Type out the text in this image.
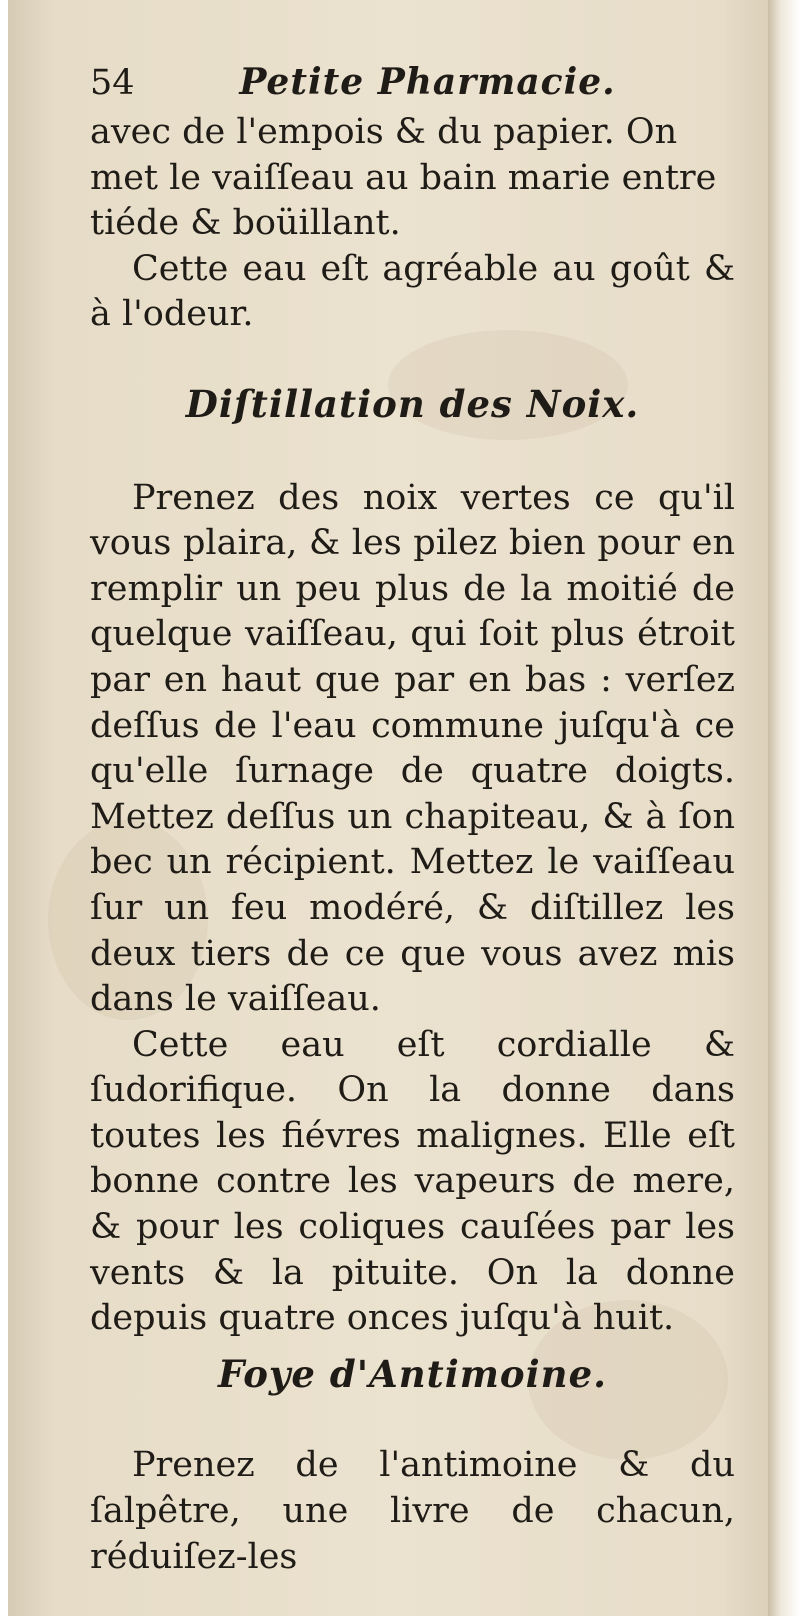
54	Petite Pharmacie.
avec de l'empois & du papier. On
met le vaiſſeau au bain marie entre
tiéde & boüillant.

Cette eau eſt agréable au goût & à l'odeur.

Diſtillation des Noix.

Prenez des noix vertes ce qu'il vous plaira, & les pilez bien pour en remplir un peu plus de la moitié de quelque vaiſſeau, qui ſoit plus étroit par en haut que par en bas : verſez deſſus de l'eau commune juſqu'à ce qu'elle ſurnage de quatre doigts. Mettez deſſus un chapiteau, & à ſon bec un récipient. Mettez le vaiſſeau ſur un feu modéré, & diſtillez les deux tiers de ce que vous avez mis dans le vaiſſeau.

Cette eau eſt cordialle & ſudorifique. On la donne dans toutes les fiévres malignes. Elle eſt bonne contre les vapeurs de mere, & pour les coliques cauſées par les vents & la pituite. On la donne depuis quatre onces juſqu'à huit.

Foye d'Antimoine.

Prenez de l'antimoine & du ſalpêtre, une livre de chacun, réduiſez-les
